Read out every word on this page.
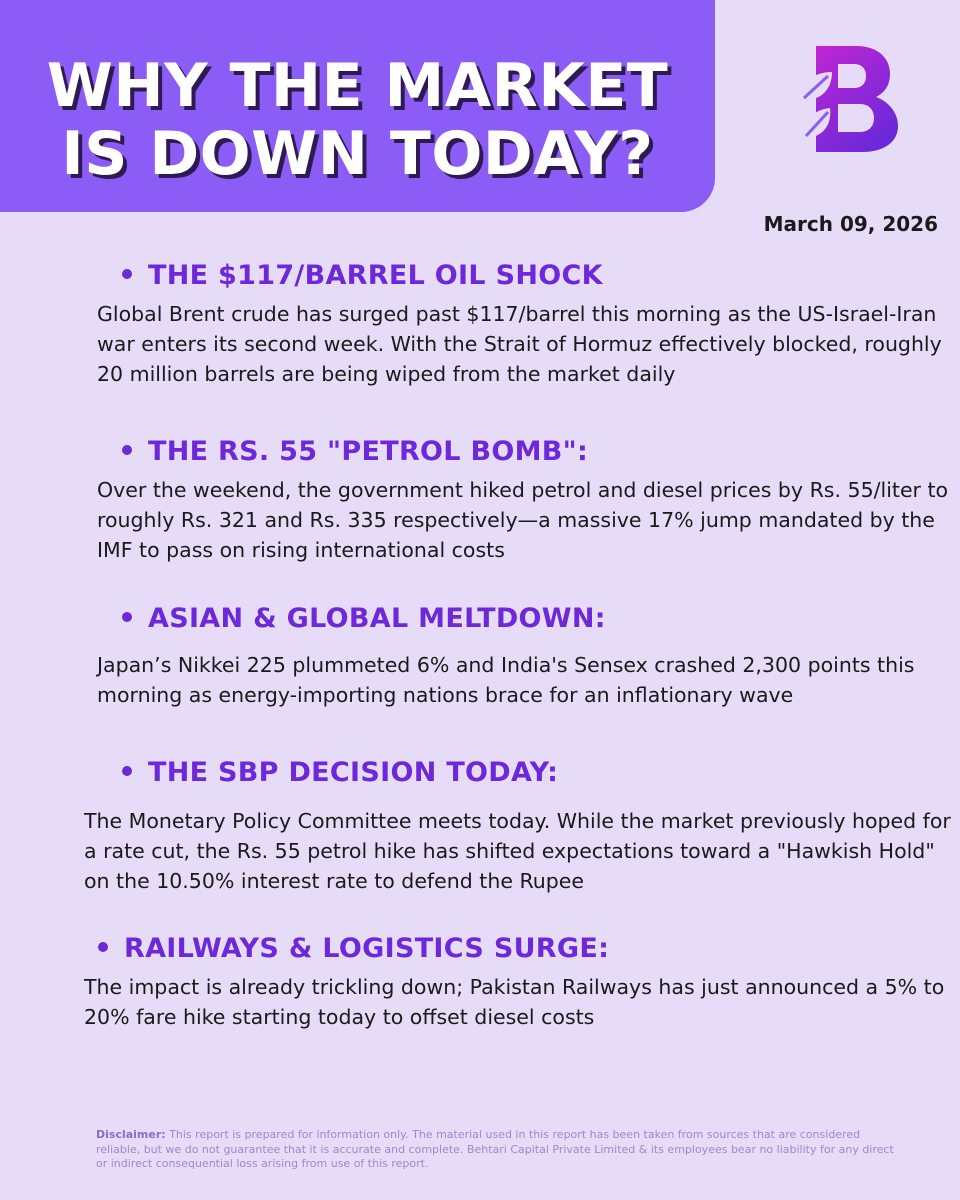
WHY THE MARKET
IS DOWN TODAY?
March 09, 2026
THE $117/BARREL OIL SHOCK
Global Brent crude has surged past $117/barrel this morning as the US-Israel-Iran war enters its second week. With the Strait of Hormuz effectively blocked, roughly 20 million barrels are being wiped from the market daily
THE RS. 55 "PETROL BOMB":
Over the weekend, the government hiked petrol and diesel prices by Rs. 55/liter to roughly Rs. 321 and Rs. 335 respectively—a massive 17% jump mandated by the IMF to pass on rising international costs
ASIAN & GLOBAL MELTDOWN:
Japan’s Nikkei 225 plummeted 6% and India's Sensex crashed 2,300 points this morning as energy-importing nations brace for an inflationary wave
THE SBP DECISION TODAY:
The Monetary Policy Committee meets today. While the market previously hoped for a rate cut, the Rs. 55 petrol hike has shifted expectations toward a "Hawkish Hold" on the 10.50% interest rate to defend the Rupee
RAILWAYS & LOGISTICS SURGE:
The impact is already trickling down; Pakistan Railways has just announced a 5% to 20% fare hike starting today to offset diesel costs
Disclaimer: This report is prepared for information only. The material used in this report has been taken from sources that are considered reliable, but we do not guarantee that it is accurate and complete. Behtari Capital Private Limited & its employees bear no liability for any direct or indirect consequential loss arising from use of this report.
